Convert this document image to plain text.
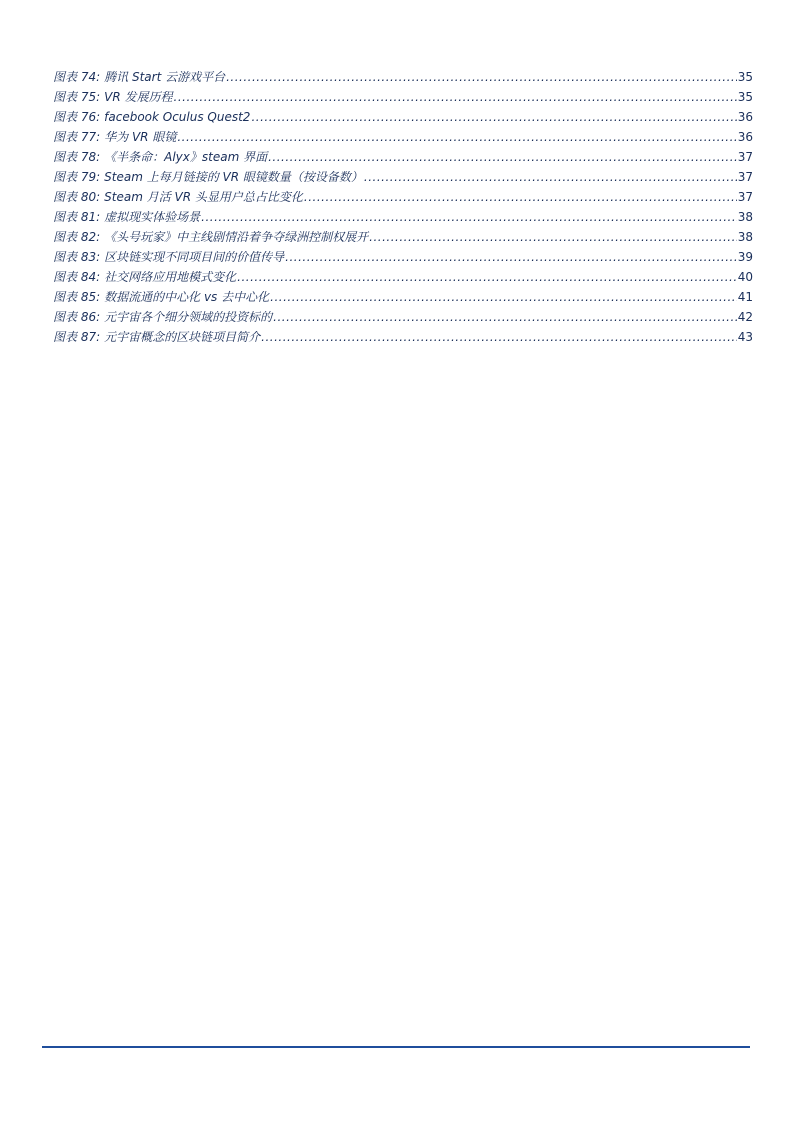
图表 74: 腾讯 Start 云游戏平台 .....	35
图表 75: VR 发展历程 .....	35
图表 76: facebook Oculus Quest2 .....	36
图表 77: 华为 VR 眼镜 .....	36
图表 78: 《半条命：Alyx》steam 界面 .....	37
图表 79: Steam 上每月链接的 VR 眼镜数量（按设备数） .....	37
图表 80: Steam 月活 VR 头显用户总占比变化 .....	37
图表 81: 虚拟现实体验场景 .....	38
图表 82: 《头号玩家》中主线剧情沿着争夺绿洲控制权展开 .....	38
图表 83: 区块链实现不同项目间的价值传导 .....	39
图表 84: 社交网络应用地模式变化 .....	40
图表 85: 数据流通的中心化 vs 去中心化 .....	41
图表 86: 元宇宙各个细分领域的投资标的 .....	42
图表 87: 元宇宙概念的区块链项目简介 .....	43
